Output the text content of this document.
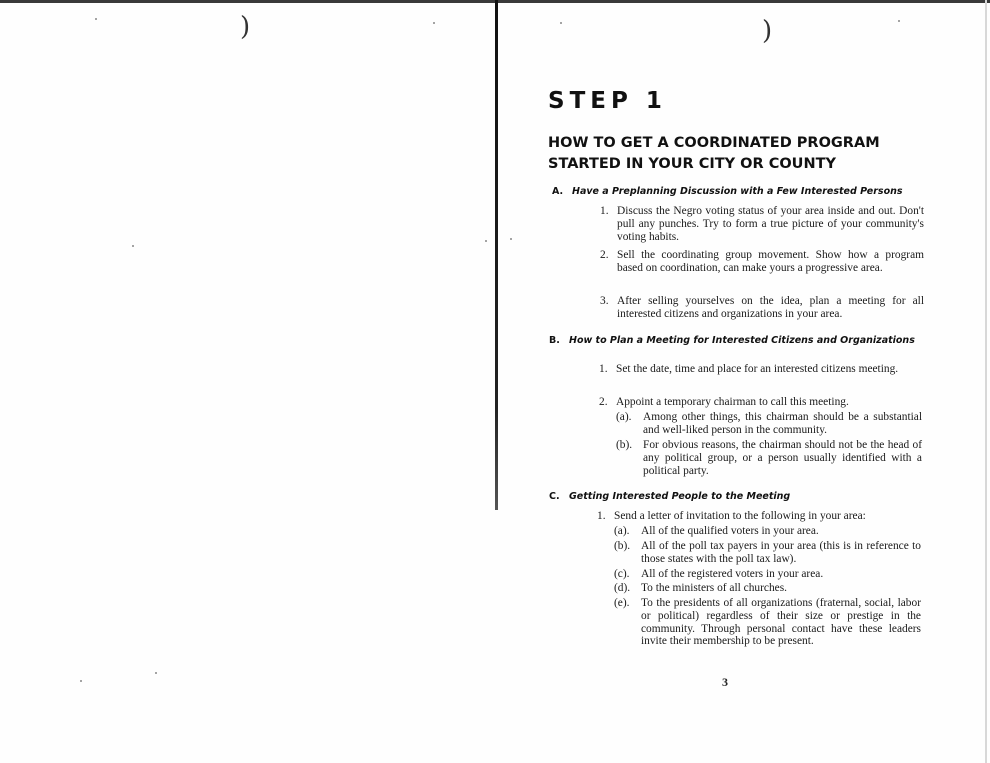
)	)
STEP 1
HOW TO GET A COORDINATED PROGRAM STARTED IN YOUR CITY OR COUNTY
A. Have a Preplanning Discussion with a Few Interested Persons
1. Discuss the Negro voting status of your area inside and out. Don't pull any punches. Try to form a true picture of your community's voting habits.
2. Sell the coordinating group movement. Show how a program based on coordination, can make yours a progressive area.
3. After selling yourselves on the idea, plan a meeting for all interested citizens and organizations in your area.
B. How to Plan a Meeting for Interested Citizens and Organizations
1. Set the date, time and place for an interested citizens meeting.
2. Appoint a temporary chairman to call this meeting.
(a). Among other things, this chairman should be a substantial and well-liked person in the community.
(b). For obvious reasons, the chairman should not be the head of any political group, or a person usually identified with a political party.
C. Getting Interested People to the Meeting
1. Send a letter of invitation to the following in your area:
(a). All of the qualified voters in your area.
(b). All of the poll tax payers in your area (this is in reference to those states with the poll tax law).
(c). All of the registered voters in your area.
(d). To the ministers of all churches.
(e). To the presidents of all organizations (fraternal, social, labor or political) regardless of their size or prestige in the community. Through personal contact have these leaders invite their membership to be present.
3
